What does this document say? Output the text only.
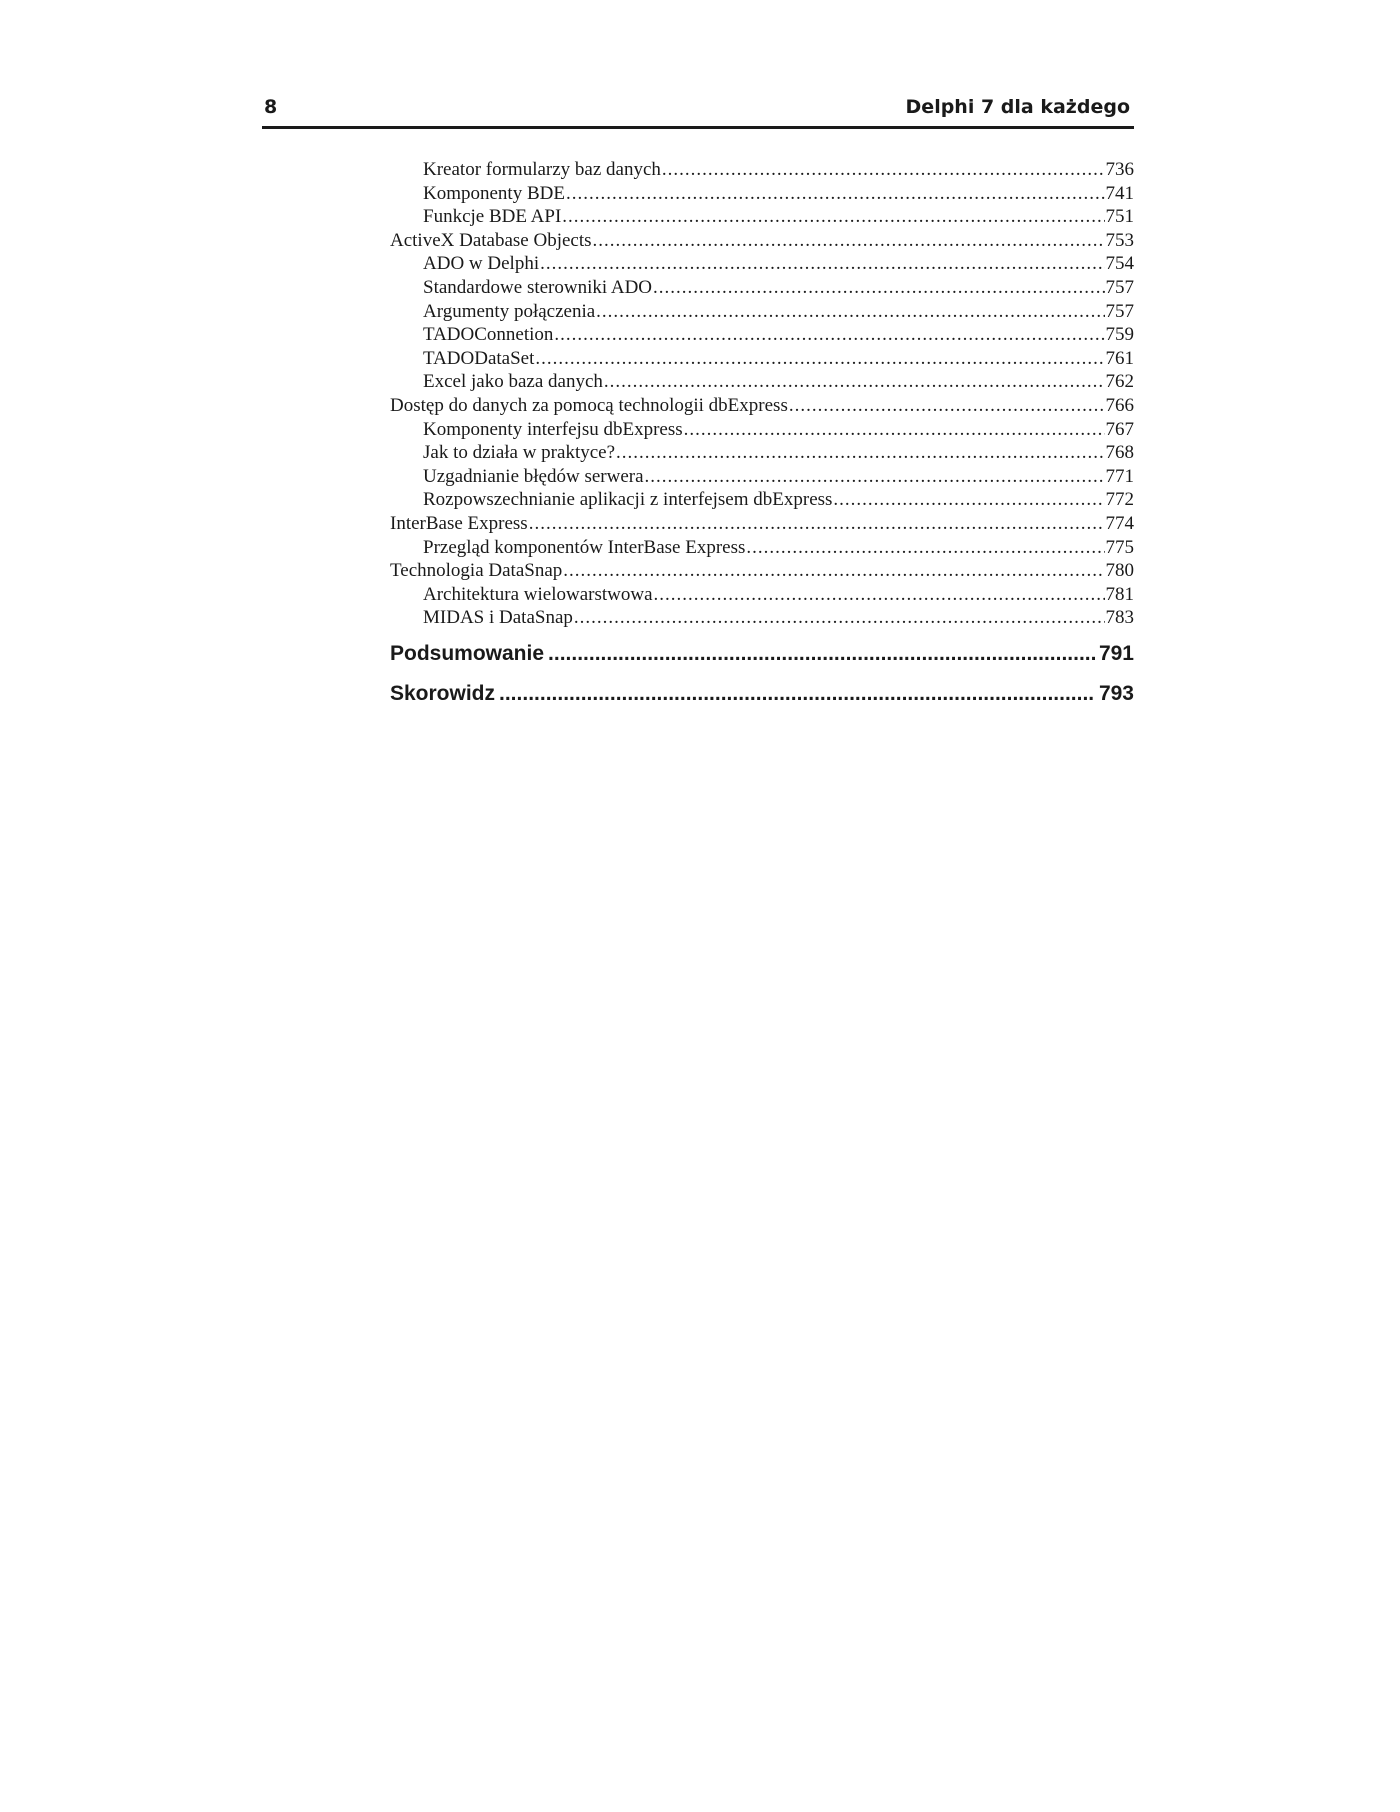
8	Delphi 7 dla każdego
Kreator formularzy baz danych .....	736
Komponenty BDE .....	741
Funkcje BDE API .....	751
ActiveX Database Objects .....	753
ADO w Delphi .....	754
Standardowe sterowniki ADO .....	757
Argumenty połączenia .....	757
TADOConnetion .....	759
TADODataSet .....	761
Excel jako baza danych .....	762
Dostęp do danych za pomocą technologii dbExpress .....	766
Komponenty interfejsu dbExpress .....	767
Jak to działa w praktyce? .....	768
Uzgadnianie błędów serwera .....	771
Rozpowszechnianie aplikacji z interfejsem dbExpress .....	772
InterBase Express .....	774
Przegląd komponentów InterBase Express .....	775
Technologia DataSnap .....	780
Architektura wielowarstwowa .....	781
MIDAS i DataSnap .....	783
Podsumowanie .....	791
Skorowidz .....	793
